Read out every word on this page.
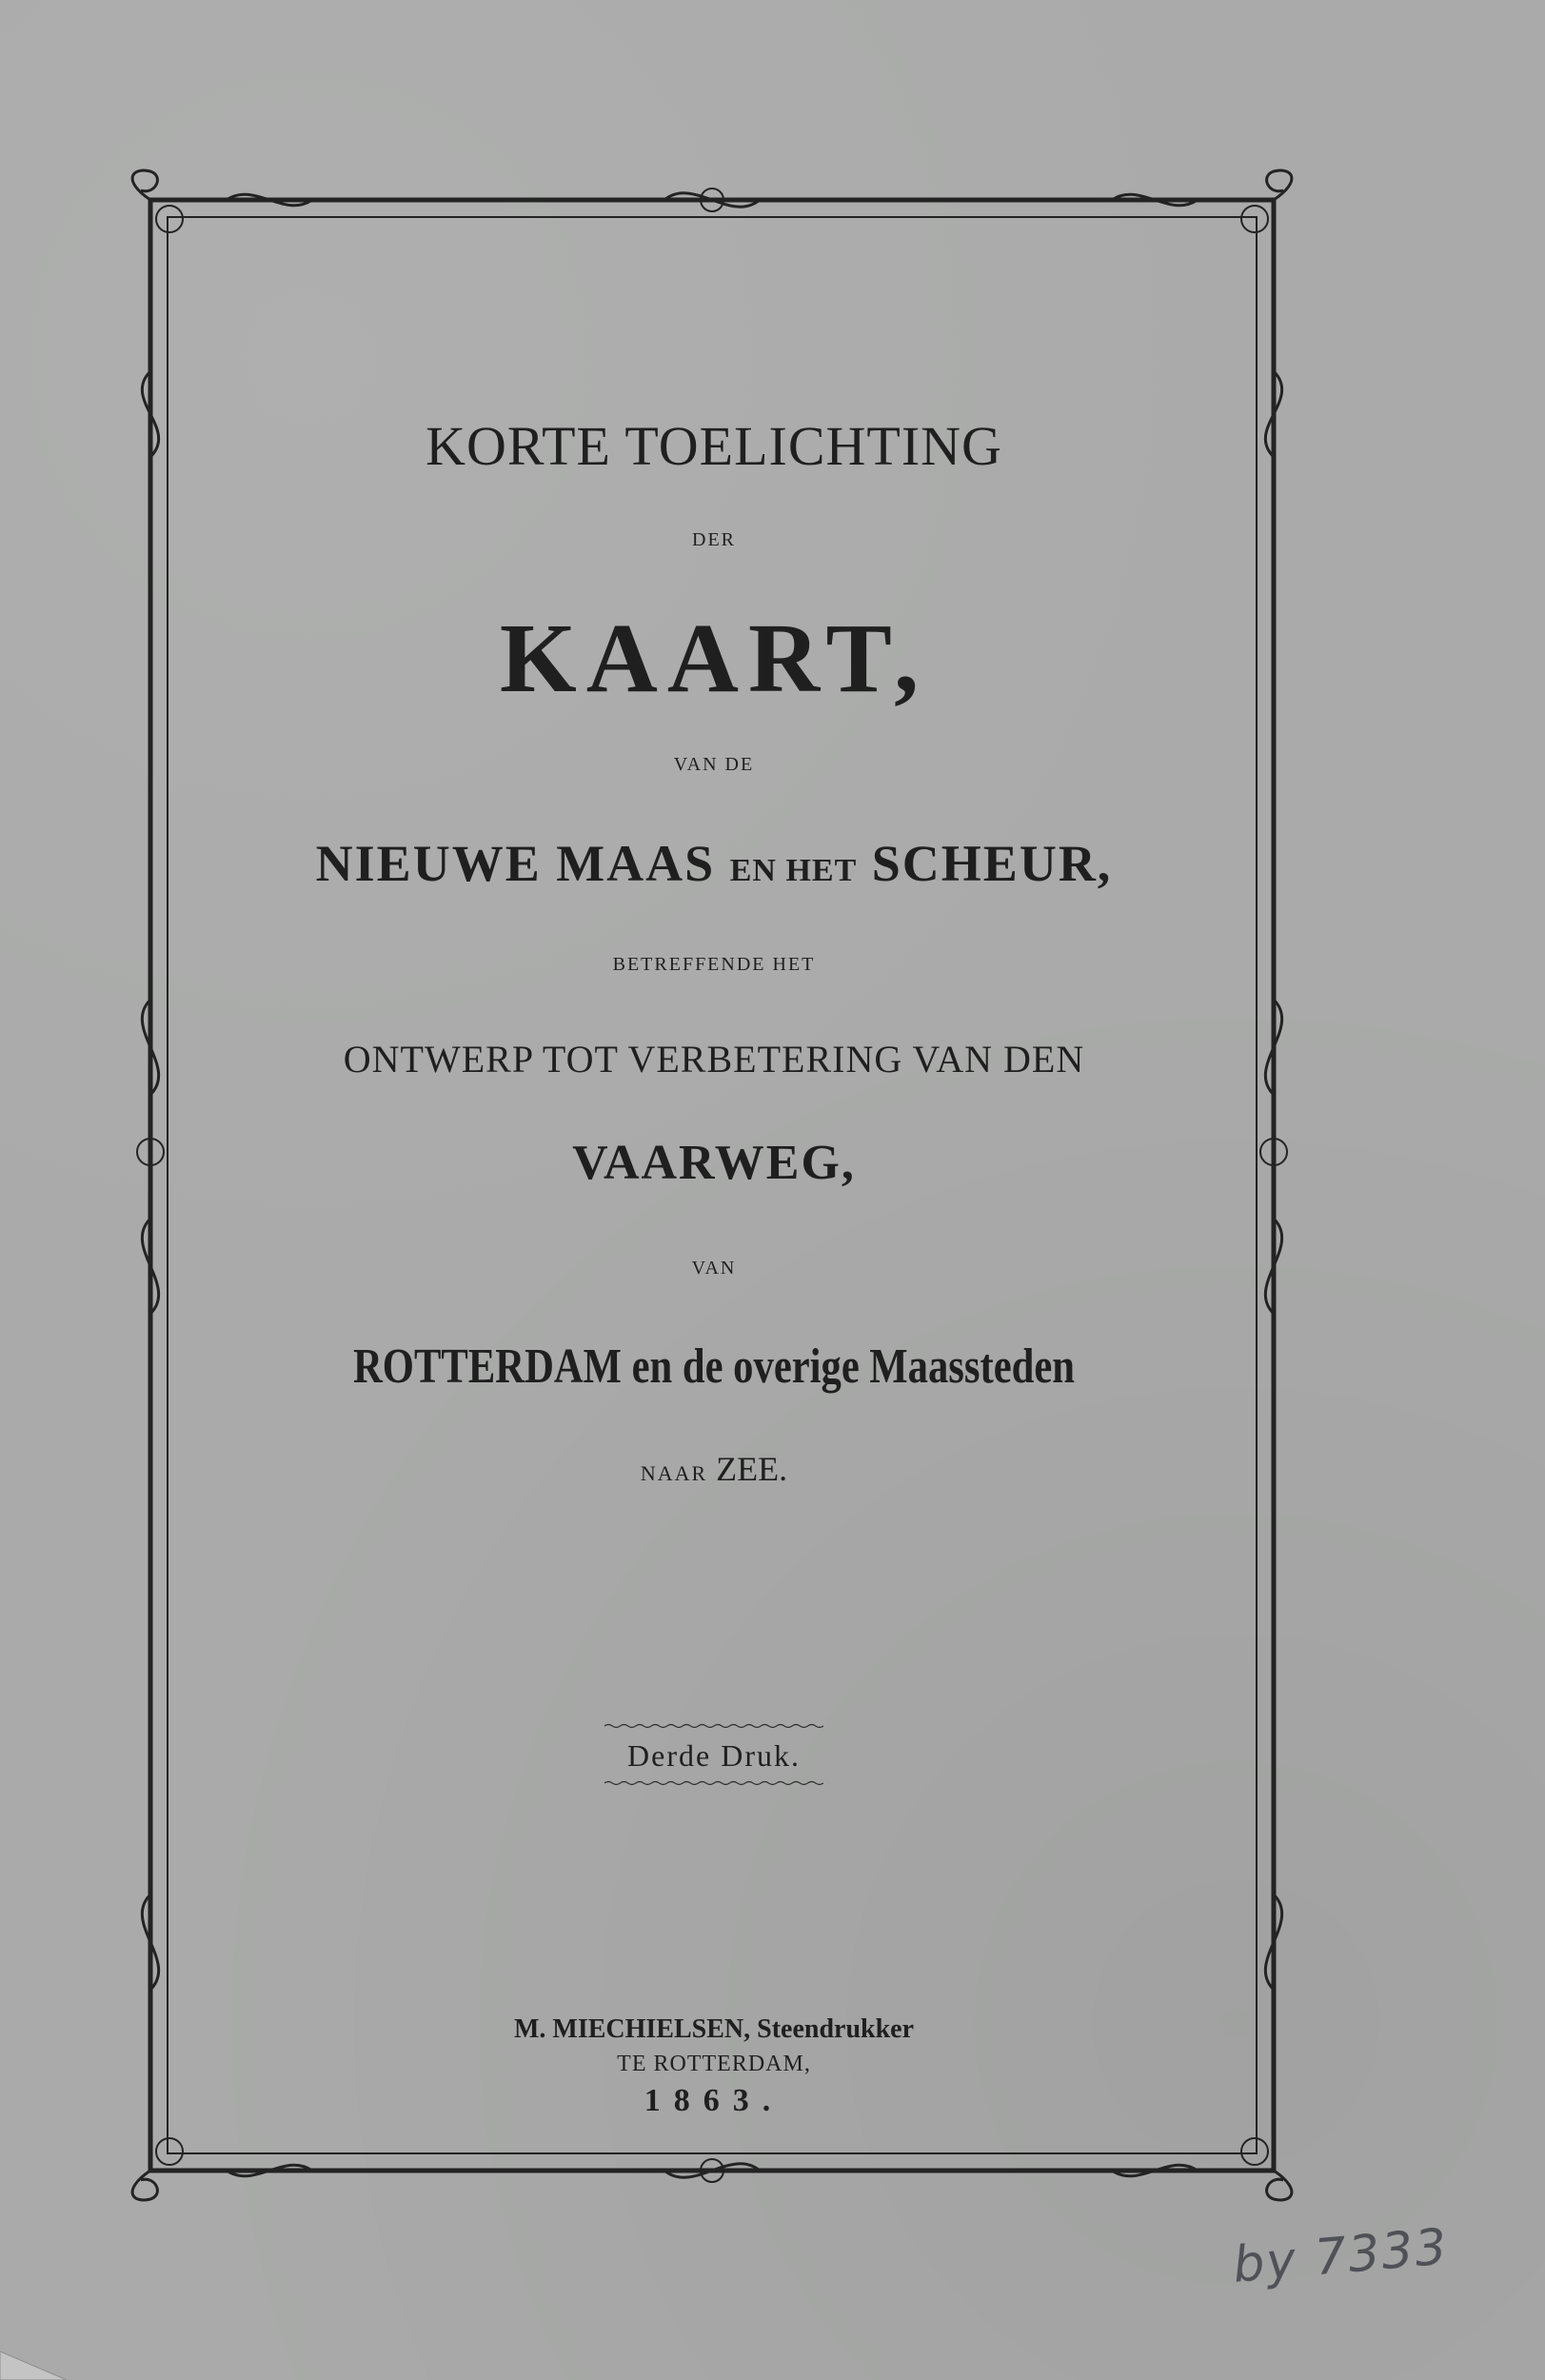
KORTE TOELICHTING
DER
KAART,
VAN DE
NIEUWE MAAS EN HET SCHEUR,
BETREFFENDE HET
ONTWERP TOT VERBETERING VAN DEN
VAARWEG,
VAN
ROTTERDAM en de overige Maassteden
NAAR ZEE.
Derde Druk.
M. MIECHIELSEN, Steendrukker
TE ROTTERDAM,
1863.
by 7333
